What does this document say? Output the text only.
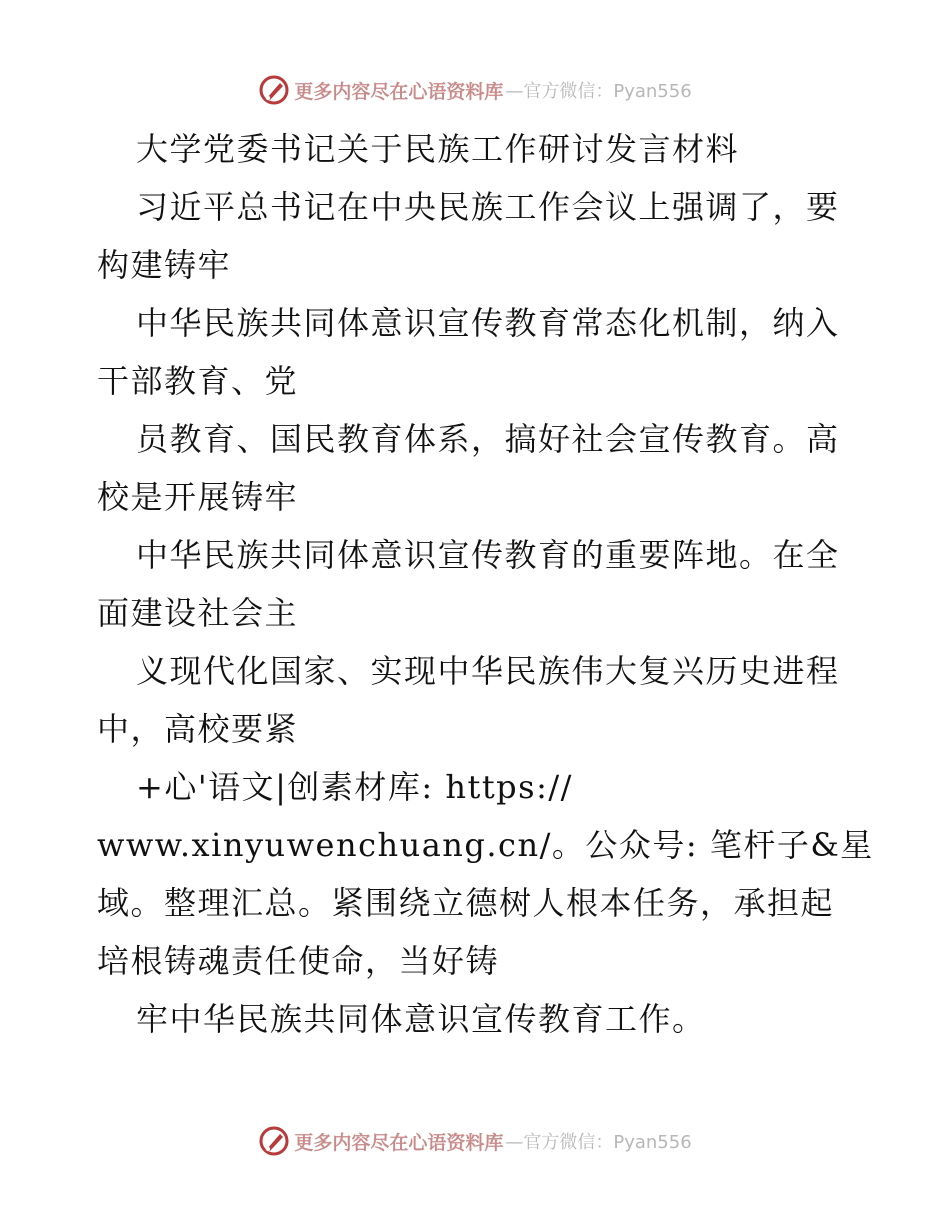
更多内容尽在心语资料库 —官方微信：Pyan556
大学党委书记关于民族工作研讨发言材料
习近平总书记在中央民族工作会议上强调了，要
构建铸牢
中华民族共同体意识宣传教育常态化机制，纳入
干部教育、党
员教育、国民教育体系，搞好社会宣传教育。高
校是开展铸牢
中华民族共同体意识宣传教育的重要阵地。在全
面建设社会主
义现代化国家、实现中华民族伟大复兴历史进程
中，高校要紧
+心'语文|创素材库: https://
www.xinyuwenchuang.cn/。公众号: 笔杆子&星
域。整理汇总。紧围绕立德树人根本任务，承担起
培根铸魂责任使命，当好铸
牢中华民族共同体意识宣传教育工作。
更多内容尽在心语资料库 —官方微信：Pyan556
